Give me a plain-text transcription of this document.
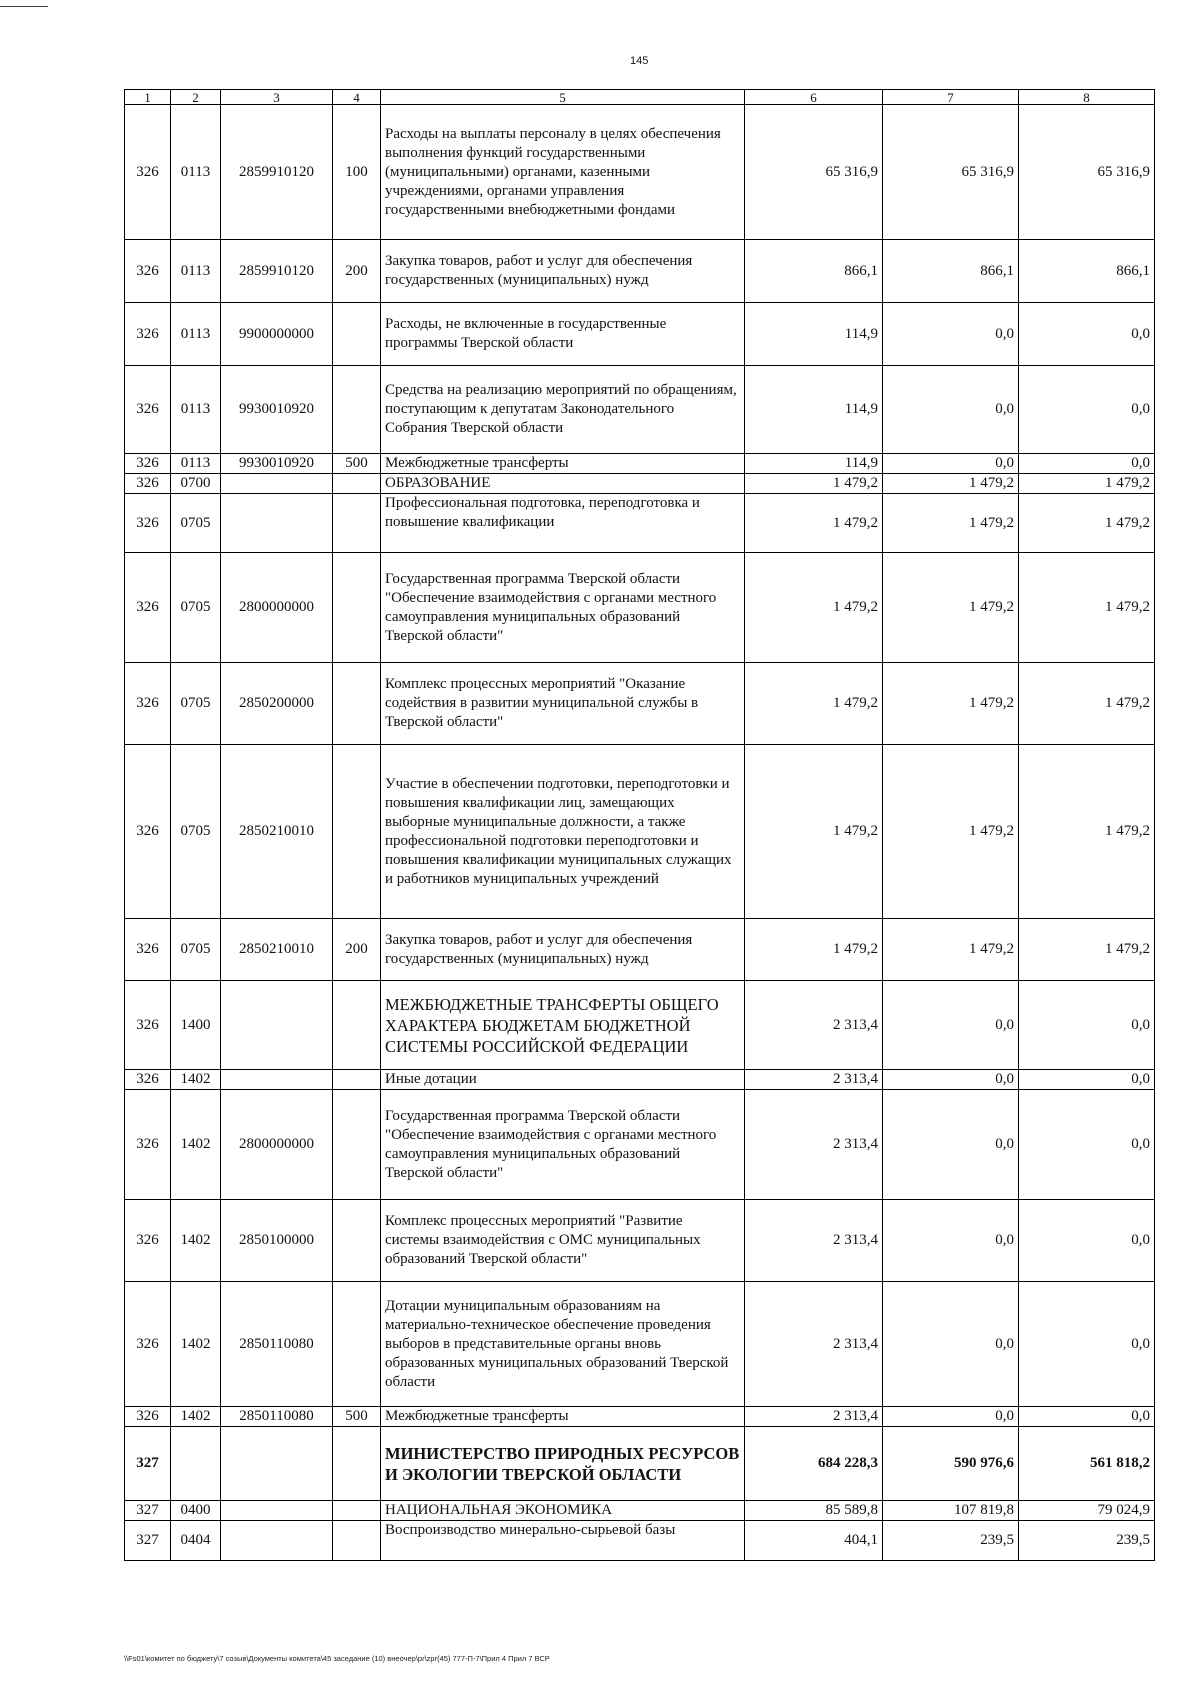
145
1	2	3	4	5	6	7	8
326	0113	2859910120	100	Расходы на выплаты персоналу в целях обеспечения выполнения функций государственными (муниципальными) органами, казенными учреждениями, органами управления государственными внебюджетными фондами	65 316,9	65 316,9	65 316,9
326	0113	2859910120	200	Закупка товаров, работ и услуг для обеспечения государственных (муниципальных) нужд	866,1	866,1	866,1
326	0113	9900000000		Расходы, не включенные в государственные программы Тверской области	114,9	0,0	0,0
326	0113	9930010920		Средства на реализацию мероприятий по обращениям, поступающим к депутатам Законодательного Собрания Тверской области	114,9	0,0	0,0
326	0113	9930010920	500	Межбюджетные трансферты	114,9	0,0	0,0
326	0700			ОБРАЗОВАНИЕ	1 479,2	1 479,2	1 479,2
326	0705			Профессиональная подготовка, переподготовка и повышение квалификации	1 479,2	1 479,2	1 479,2
326	0705	2800000000		Государственная программа Тверской области "Обеспечение взаимодействия с органами местного самоуправления муниципальных образований Тверской области"	1 479,2	1 479,2	1 479,2
326	0705	2850200000		Комплекс процессных мероприятий "Оказание содействия в развитии муниципальной службы в Тверской области"	1 479,2	1 479,2	1 479,2
326	0705	2850210010		Участие в обеспечении подготовки, переподготовки и повышения квалификации лиц, замещающих выборные муниципальные должности, а также профессиональной подготовки переподготовки и повышения квалификации муниципальных служащих и работников муниципальных учреждений	1 479,2	1 479,2	1 479,2
326	0705	2850210010	200	Закупка товаров, работ и услуг для обеспечения государственных (муниципальных) нужд	1 479,2	1 479,2	1 479,2
326	1400			МЕЖБЮДЖЕТНЫЕ ТРАНСФЕРТЫ ОБЩЕГО ХАРАКТЕРА БЮДЖЕТАМ БЮДЖЕТНОЙ СИСТЕМЫ РОССИЙСКОЙ ФЕДЕРАЦИИ	2 313,4	0,0	0,0
326	1402			Иные дотации	2 313,4	0,0	0,0
326	1402	2800000000		Государственная программа Тверской области "Обеспечение взаимодействия с органами местного самоуправления муниципальных образований Тверской области"	2 313,4	0,0	0,0
326	1402	2850100000		Комплекс процессных мероприятий "Развитие системы взаимодействия с ОМС муниципальных образований Тверской области"	2 313,4	0,0	0,0
326	1402	2850110080		Дотации муниципальным образованиям на материально-техническое обеспечение проведения выборов в представительные органы вновь образованных муниципальных образований Тверской области	2 313,4	0,0	0,0
326	1402	2850110080	500	Межбюджетные трансферты	2 313,4	0,0	0,0
327				МИНИСТЕРСТВО ПРИРОДНЫХ РЕСУРСОВ И ЭКОЛОГИИ ТВЕРСКОЙ ОБЛАСТИ	684 228,3	590 976,6	561 818,2
327	0400			НАЦИОНАЛЬНАЯ ЭКОНОМИКА	85 589,8	107 819,8	79 024,9
327	0404			Воспроизводство минерально-сырьевой базы	404,1	239,5	239,5
\\Fs01\комитет по бюджету\7 созыв\Документы комитета\45 заседание (10) внеочер\pr\zpr(45) 777-П-7\Прил 4 Прил 7 ВСР
